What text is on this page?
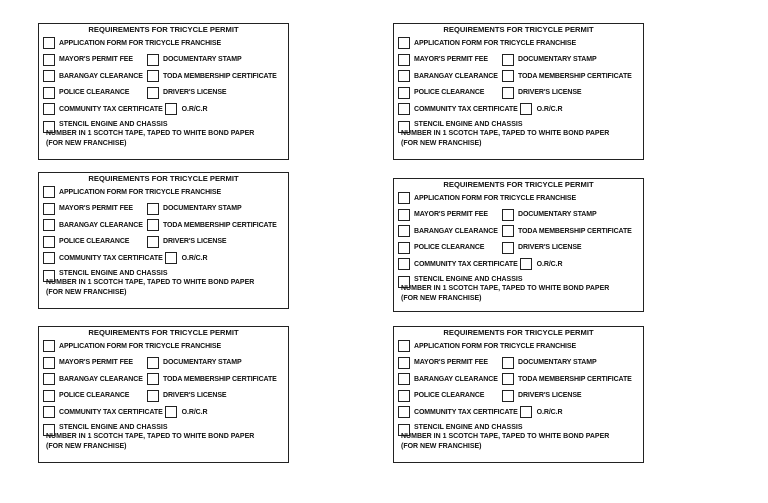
REQUIREMENTS FOR TRICYCLE PERMIT
APPLICATION FORM FOR TRICYCLE FRANCHISE
MAYOR'S PERMIT FEE	DOCUMENTARY STAMP
BARANGAY CLEARANCE	TODA MEMBERSHIP CERTIFICATE
POLICE CLEARANCE	DRIVER'S LICENSE
COMMUNITY TAX CERTIFICATE	O.R/C.R
STENCIL ENGINE AND CHASSIS
NUMBER IN 1 SCOTCH TAPE, TAPED TO WHITE BOND PAPER
(FOR NEW FRANCHISE)
REQUIREMENTS FOR TRICYCLE PERMIT
APPLICATION FORM FOR TRICYCLE FRANCHISE
MAYOR'S PERMIT FEE	DOCUMENTARY STAMP
BARANGAY CLEARANCE	TODA MEMBERSHIP CERTIFICATE
POLICE CLEARANCE	DRIVER'S LICENSE
COMMUNITY TAX CERTIFICATE	O.R/C.R
STENCIL ENGINE AND CHASSIS
NUMBER IN 1 SCOTCH TAPE, TAPED TO WHITE BOND PAPER
(FOR NEW FRANCHISE)
REQUIREMENTS FOR TRICYCLE PERMIT
APPLICATION FORM FOR TRICYCLE FRANCHISE
MAYOR'S PERMIT FEE	DOCUMENTARY STAMP
BARANGAY CLEARANCE	TODA MEMBERSHIP CERTIFICATE
POLICE CLEARANCE	DRIVER'S LICENSE
COMMUNITY TAX CERTIFICATE	O.R/C.R
STENCIL ENGINE AND CHASSIS
NUMBER IN 1 SCOTCH TAPE, TAPED TO WHITE BOND PAPER
(FOR NEW FRANCHISE)
REQUIREMENTS FOR TRICYCLE PERMIT
APPLICATION FORM FOR TRICYCLE FRANCHISE
MAYOR'S PERMIT FEE	DOCUMENTARY STAMP
BARANGAY CLEARANCE	TODA MEMBERSHIP CERTIFICATE
POLICE CLEARANCE	DRIVER'S LICENSE
COMMUNITY TAX CERTIFICATE	O.R/C.R
STENCIL ENGINE AND CHASSIS
NUMBER IN 1 SCOTCH TAPE, TAPED TO WHITE BOND PAPER
(FOR NEW FRANCHISE)
REQUIREMENTS FOR TRICYCLE PERMIT
APPLICATION FORM FOR TRICYCLE FRANCHISE
MAYOR'S PERMIT FEE	DOCUMENTARY STAMP
BARANGAY CLEARANCE	TODA MEMBERSHIP CERTIFICATE
POLICE CLEARANCE	DRIVER'S LICENSE
COMMUNITY TAX CERTIFICATE	O.R/C.R
STENCIL ENGINE AND CHASSIS
NUMBER IN 1 SCOTCH TAPE, TAPED TO WHITE BOND PAPER
(FOR NEW FRANCHISE)
REQUIREMENTS FOR TRICYCLE PERMIT
APPLICATION FORM FOR TRICYCLE FRANCHISE
MAYOR'S PERMIT FEE	DOCUMENTARY STAMP
BARANGAY CLEARANCE	TODA MEMBERSHIP CERTIFICATE
POLICE CLEARANCE	DRIVER'S LICENSE
COMMUNITY TAX CERTIFICATE	O.R/C.R
STENCIL ENGINE AND CHASSIS
NUMBER IN 1 SCOTCH TAPE, TAPED TO WHITE BOND PAPER
(FOR NEW FRANCHISE)
